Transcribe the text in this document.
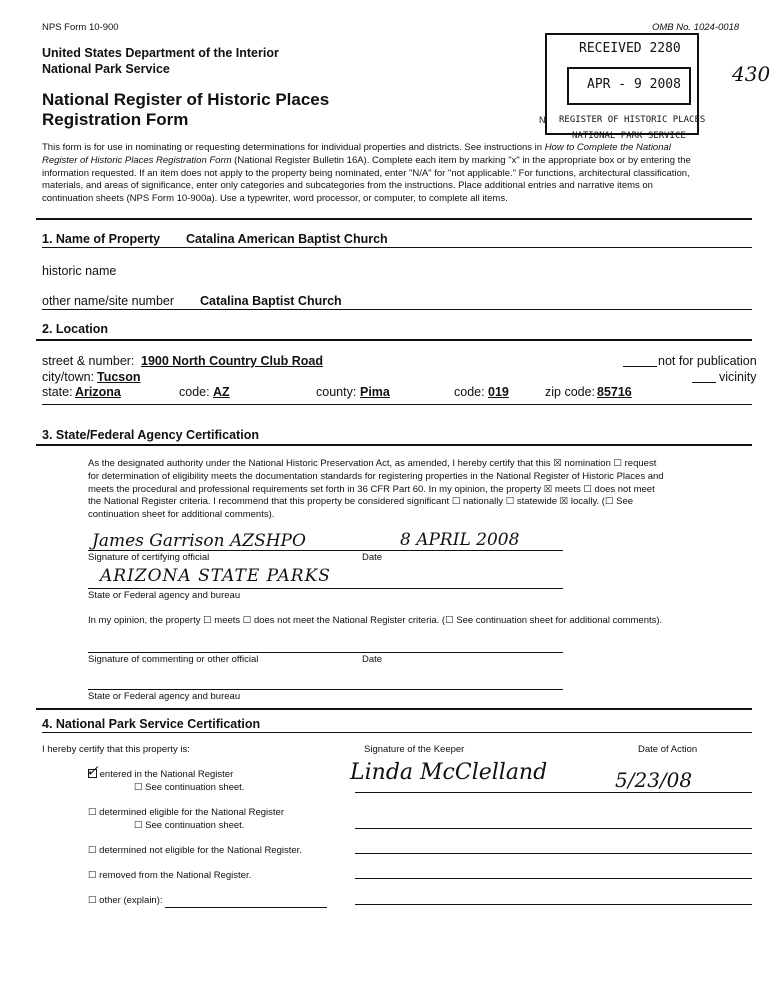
NPS Form 10-900	OMB No. 1024-0018
United States Department of the Interior
National Park Service
National Register of Historic Places
Registration Form
430
RECEIVED 2280
APR - 9 2008
N REGISTER OF HISTORIC PLACES
NATIONAL PARK SERVICE
This form is for use in nominating or requesting determinations for individual properties and districts. See instructions in How to Complete the National
Register of Historic Places Registration Form (National Register Bulletin 16A). Complete each item by marking "x" in the appropriate box or by entering the
information requested. If an item does not apply to the property being nominated, enter "N/A" for "not applicable." For functions, architectural classification,
materials, and areas of significance, enter only categories and subcategories from the instructions. Place additional entries and narrative items on
continuation sheets (NPS Form 10-900a). Use a typewriter, word processor, or computer, to complete all items.
1. Name of Property Catalina American Baptist Church
historic name
other name/site number Catalina Baptist Church
2. Location
street & number: 1900 North Country Club Road	not for publication
city/town: Tucson	vicinity
state: Arizona	code: AZ	county: Pima	code: 019	zip code: 85716
3. State/Federal Agency Certification
As the designated authority under the National Historic Preservation Act, as amended, I hereby certify that this ☒ nomination ☐ request
for determination of eligibility meets the documentation standards for registering properties in the National Register of Historic Places and
meets the procedural and professional requirements set forth in 36 CFR Part 60. In my opinion, the property ☒ meets ☐ does not meet
the National Register criteria. I recommend that this property be considered significant ☐ nationally ☐ statewide ☒ locally. (☐ See
continuation sheet for additional comments).
James Garrison AZSHPO	8 APRIL 2008
Signature of certifying official	Date
ARIZONA STATE PARKS
State or Federal agency and bureau
In my opinion, the property ☐ meets ☐ does not meet the National Register criteria. (☐ See continuation sheet for additional comments).
Signature of commenting or other official	Date
State or Federal agency and bureau
4. National Park Service Certification
I hereby certify that this property is:	Signature of the Keeper	Date of Action

✓ entered in the National Register
☐ See continuation sheet.
Linda McClelland	5/23/08
☐ determined eligible for the National Register
☐ See continuation sheet.
☐ determined not eligible for the National Register.
☐ removed from the National Register.
☐ other (explain):
